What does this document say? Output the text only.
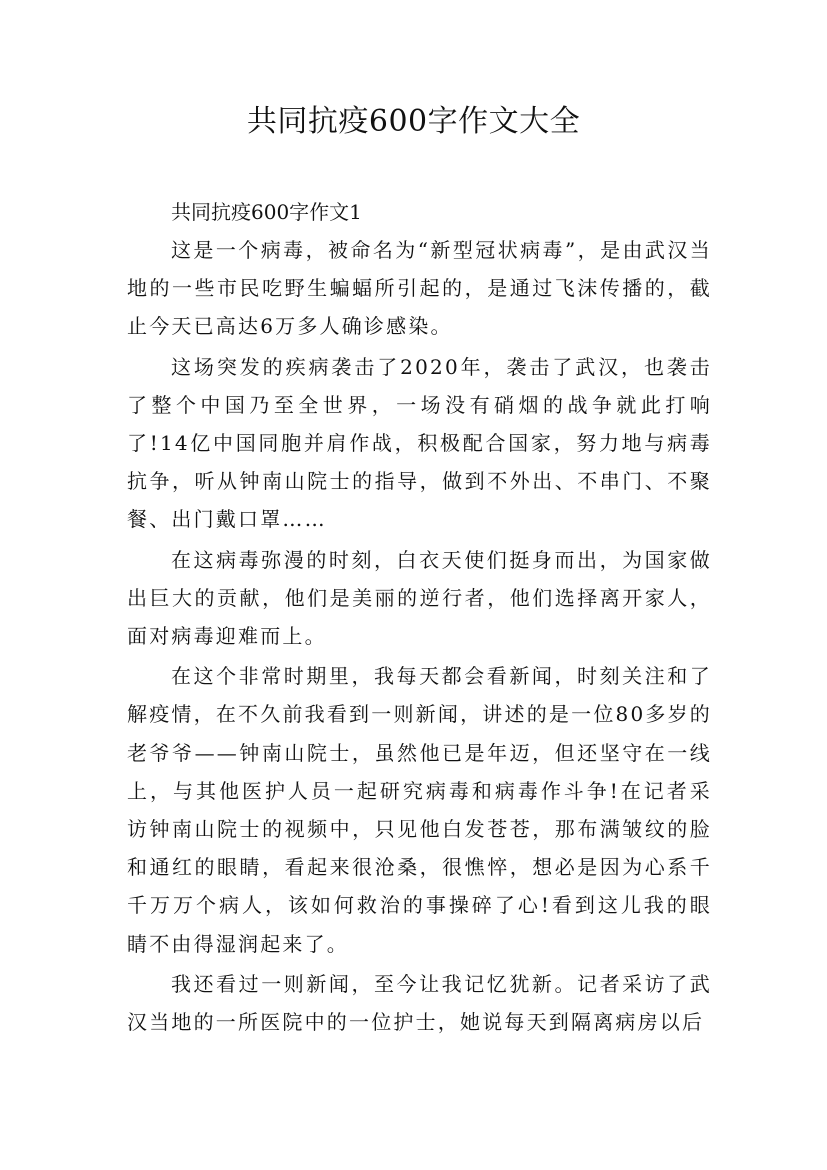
共同抗疫600字作文大全

共同抗疫600字作文1

这是一个病毒，被命名为“新型冠状病毒”，是由武汉当地的一些市民吃野生蝙蝠所引起的，是通过飞沫传播的，截止今天已高达6万多人确诊感染。

这场突发的疾病袭击了2020年，袭击了武汉，也袭击了整个中国乃至全世界，一场没有硝烟的战争就此打响了!14亿中国同胞并肩作战，积极配合国家，努力地与病毒抗争，听从钟南山院士的指导，做到不外出、不串门、不聚餐、出门戴口罩……

在这病毒弥漫的时刻，白衣天使们挺身而出，为国家做出巨大的贡献，他们是美丽的逆行者，他们选择离开家人，面对病毒迎难而上。

在这个非常时期里，我每天都会看新闻，时刻关注和了解疫情，在不久前我看到一则新闻，讲述的是一位80多岁的老爷爷——钟南山院士，虽然他已是年迈，但还坚守在一线上，与其他医护人员一起研究病毒和病毒作斗争!在记者采访钟南山院士的视频中，只见他白发苍苍，那布满皱纹的脸和通红的眼睛，看起来很沧桑，很憔悴，想必是因为心系千千万万个病人，该如何救治的事操碎了心!看到这儿我的眼睛不由得湿润起来了。

我还看过一则新闻，至今让我记忆犹新。记者采访了武汉当地的一所医院中的一位护士，她说每天到隔离病房以后
